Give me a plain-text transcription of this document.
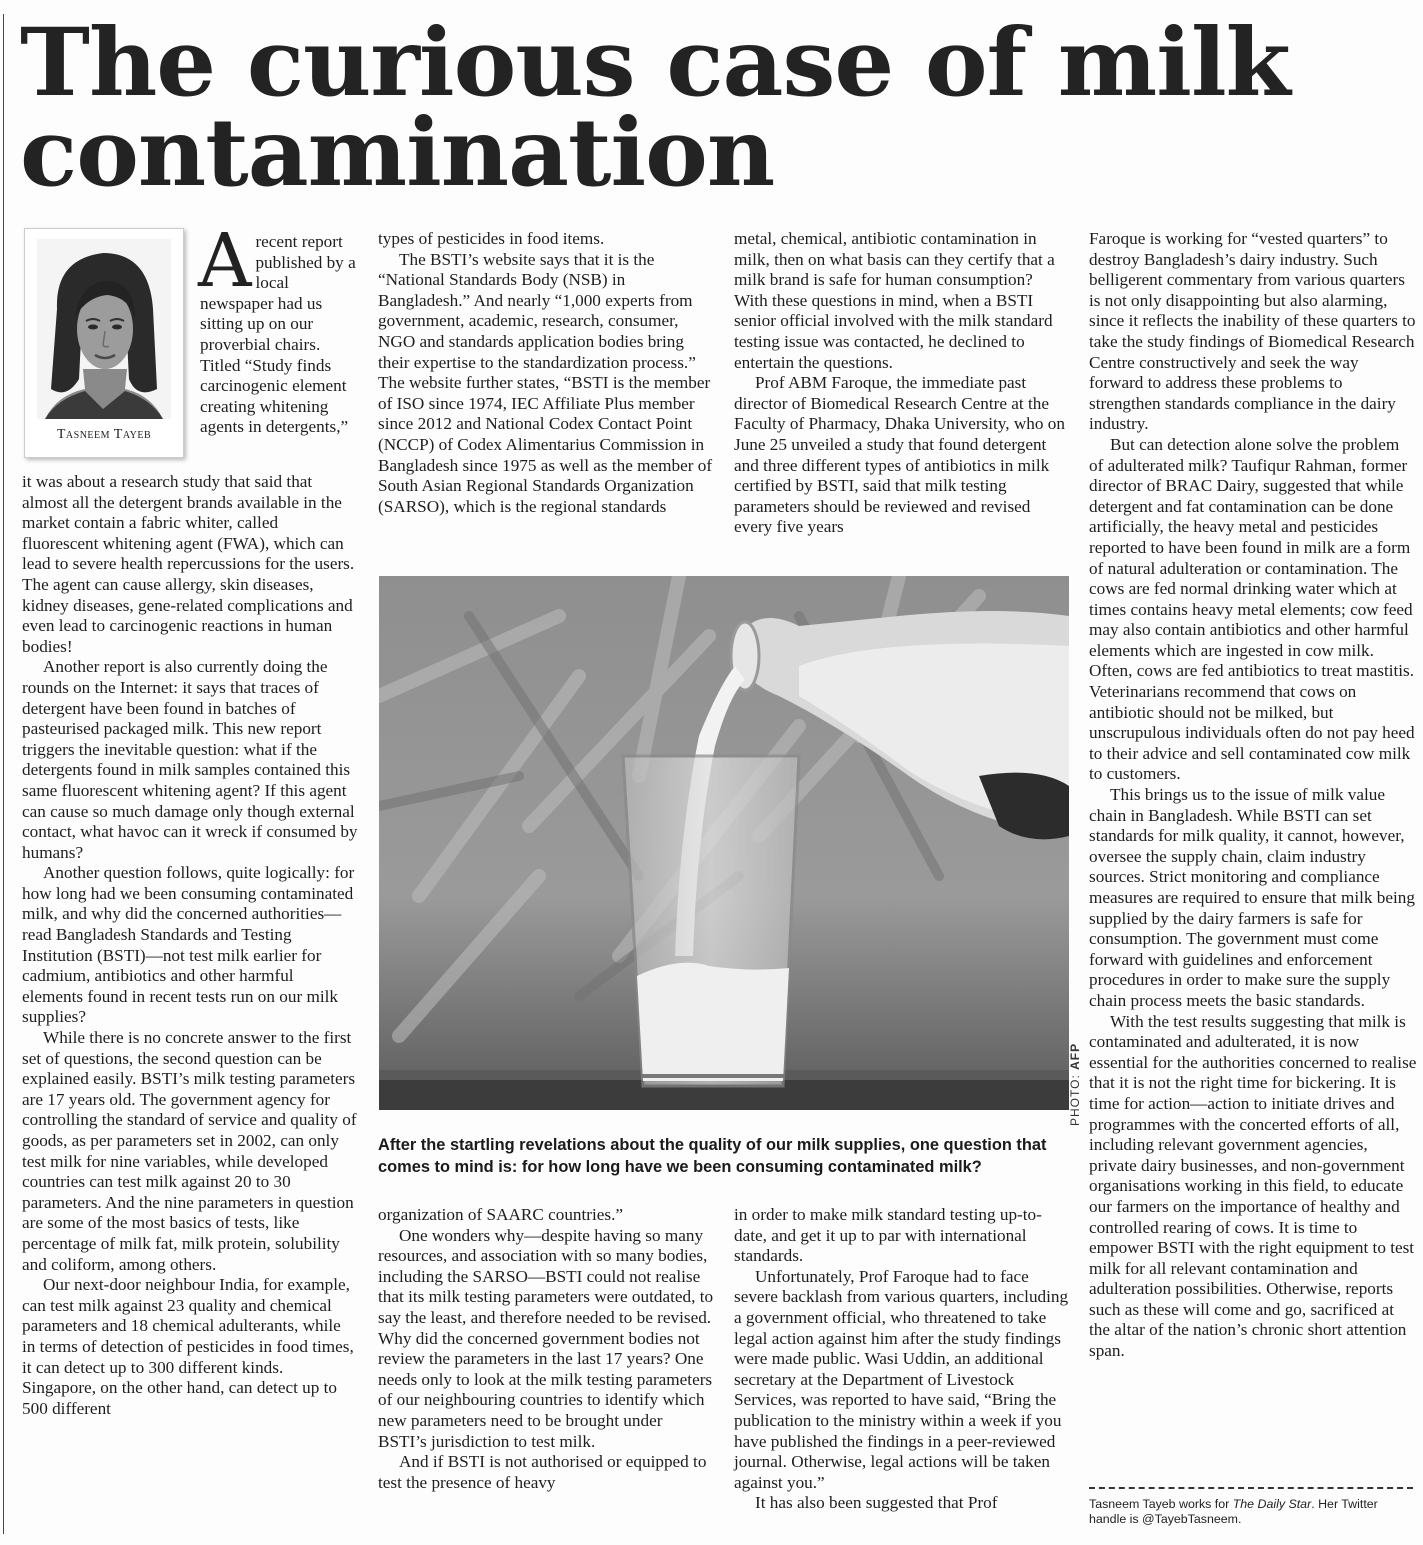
The curious case of milk contamination
Tasneem Tayeb
A recent report published by a local newspaper had us sitting up on our proverbial chairs. Titled “Study finds carcinogenic element creating whitening agents in detergents,”

it was about a research study that said that almost all the detergent brands available in the market contain a fabric whiter, called fluorescent whitening agent (FWA), which can lead to severe health repercussions for the users. The agent can cause allergy, skin diseases, kidney diseases, gene-related complications and even lead to carcinogenic reactions in human bodies!

Another report is also currently doing the rounds on the Internet: it says that traces of detergent have been found in batches of pasteurised packaged milk. This new report triggers the inevitable question: what if the detergents found in milk samples contained this same fluorescent whitening agent? If this agent can cause so much damage only though external contact, what havoc can it wreck if consumed by humans?

Another question follows, quite logically: for how long had we been consuming contaminated milk, and why did the concerned authorities—read Bangladesh Standards and Testing Institution (BSTI)—not test milk earlier for cadmium, antibiotics and other harmful elements found in recent tests run on our milk supplies?

While there is no concrete answer to the first set of questions, the second question can be explained easily. BSTI’s milk testing parameters are 17 years old. The government agency for controlling the standard of service and quality of goods, as per parameters set in 2002, can only test milk for nine variables, while developed countries can test milk against 20 to 30 parameters. And the nine parameters in question are some of the most basics of tests, like percentage of milk fat, milk protein, solubility and coliform, among others.

Our next-door neighbour India, for example, can test milk against 23 quality and chemical parameters and 18 chemical adulterants, while in terms of detection of pesticides in food times, it can detect up to 300 different kinds. Singapore, on the other hand, can detect up to 500 different

types of pesticides in food items.

The BSTI’s website says that it is the “National Standards Body (NSB) in Bangladesh.” And nearly “1,000 experts from government, academic, research, consumer, NGO and standards application bodies bring their expertise to the standardization process.” The website further states, “BSTI is the member of ISO since 1974, IEC Affiliate Plus member since 2012 and National Codex Contact Point (NCCP) of Codex Alimentarius Commission in Bangladesh since 1975 as well as the member of South Asian Regional Standards Organization (SARSO), which is the regional standards

metal, chemical, antibiotic contamination in milk, then on what basis can they certify that a milk brand is safe for human consumption? With these questions in mind, when a BSTI senior official involved with the milk standard testing issue was contacted, he declined to entertain the questions.

Prof ABM Faroque, the immediate past director of Biomedical Research Centre at the Faculty of Pharmacy, Dhaka University, who on June 25 unveiled a study that found detergent and three different types of antibiotics in milk certified by BSTI, said that milk testing parameters should be reviewed and revised every five years

PHOTO: AFP
After the startling revelations about the quality of our milk supplies, one question that comes to mind is: for how long have we been consuming contaminated milk?

organization of SAARC countries.”

One wonders why—despite having so many resources, and association with so many bodies, including the SARSO—BSTI could not realise that its milk testing parameters were outdated, to say the least, and therefore needed to be revised. Why did the concerned government bodies not review the parameters in the last 17 years? One needs only to look at the milk testing parameters of our neighbouring countries to identify which new parameters need to be brought under BSTI’s jurisdiction to test milk.

And if BSTI is not authorised or equipped to test the presence of heavy

in order to make milk standard testing up-to-date, and get it up to par with international standards.

Unfortunately, Prof Faroque had to face severe backlash from various quarters, including a government official, who threatened to take legal action against him after the study findings were made public. Wasi Uddin, an additional secretary at the Department of Livestock Services, was reported to have said, “Bring the publication to the ministry within a week if you have published the findings in a peer-reviewed journal. Otherwise, legal actions will be taken against you.”

It has also been suggested that Prof

Faroque is working for “vested quarters” to destroy Bangladesh’s dairy industry. Such belligerent commentary from various quarters is not only disappointing but also alarming, since it reflects the inability of these quarters to take the study findings of Biomedical Research Centre constructively and seek the way forward to address these problems to strengthen standards compliance in the dairy industry.

But can detection alone solve the problem of adulterated milk? Taufiqur Rahman, former director of BRAC Dairy, suggested that while detergent and fat contamination can be done artificially, the heavy metal and pesticides reported to have been found in milk are a form of natural adulteration or contamination. The cows are fed normal drinking water which at times contains heavy metal elements; cow feed may also contain antibiotics and other harmful elements which are ingested in cow milk. Often, cows are fed antibiotics to treat mastitis. Veterinarians recommend that cows on antibiotic should not be milked, but unscrupulous individuals often do not pay heed to their advice and sell contaminated cow milk to customers.

This brings us to the issue of milk value chain in Bangladesh. While BSTI can set standards for milk quality, it cannot, however, oversee the supply chain, claim industry sources. Strict monitoring and compliance measures are required to ensure that milk being supplied by the dairy farmers is safe for consumption. The government must come forward with guidelines and enforcement procedures in order to make sure the supply chain process meets the basic standards.

With the test results suggesting that milk is contaminated and adulterated, it is now essential for the authorities concerned to realise that it is not the right time for bickering. It is time for action—action to initiate drives and programmes with the concerted efforts of all, including relevant government agencies, private dairy businesses, and non-government organisations working in this field, to educate our farmers on the importance of healthy and controlled rearing of cows. It is time to empower BSTI with the right equipment to test milk for all relevant contamination and adulteration possibilities. Otherwise, reports such as these will come and go, sacrificed at the altar of the nation’s chronic short attention span.

Tasneem Tayeb works for The Daily Star. Her Twitter handle is @TayebTasneem.
